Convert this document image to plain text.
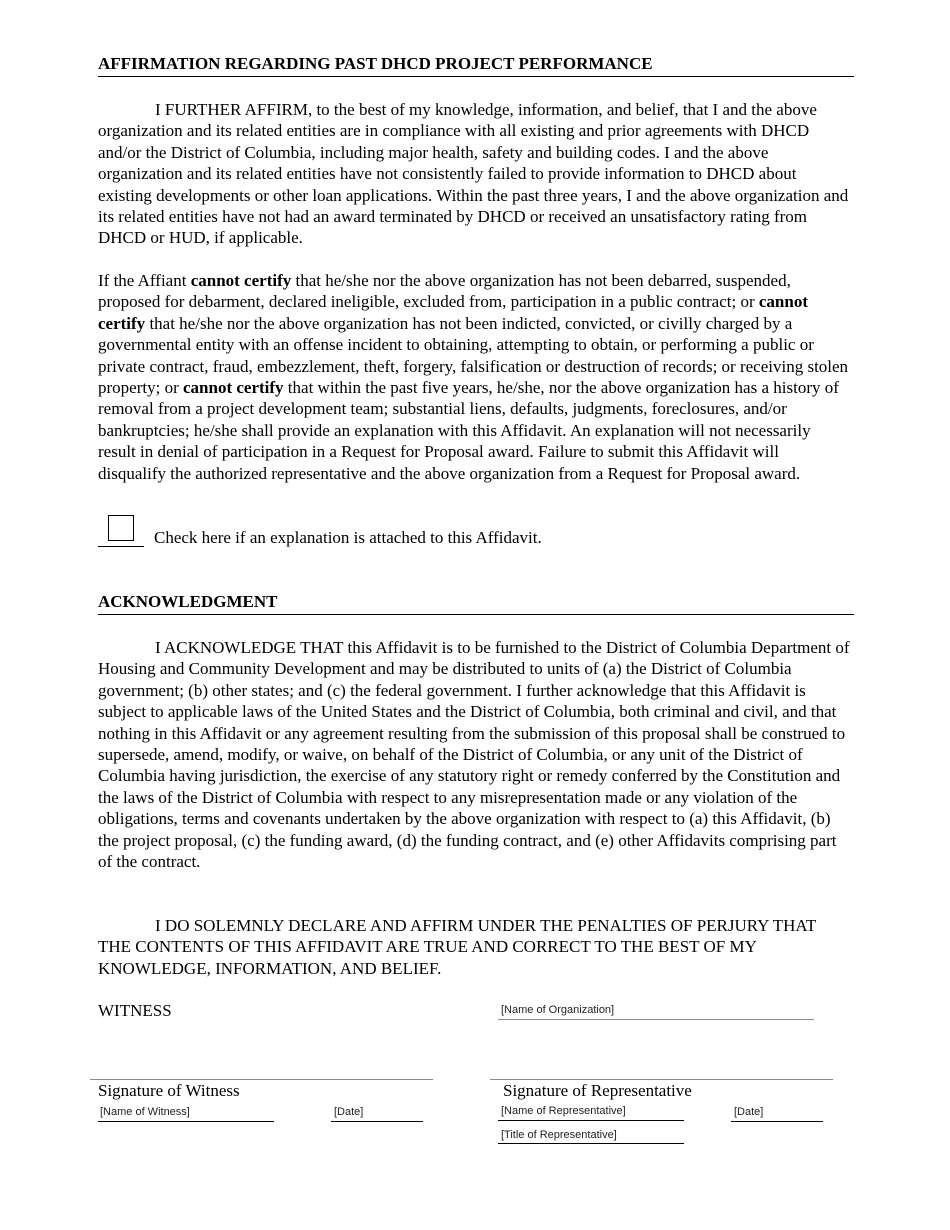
AFFIRMATION REGARDING PAST DHCD PROJECT PERFORMANCE

I FURTHER AFFIRM, to the best of my knowledge, information, and belief, that I and the above organization and its related entities are in compliance with all existing and prior agreements with DHCD and/or the District of Columbia, including major health, safety and building codes. I and the above organization and its related entities have not consistently failed to provide information to DHCD about existing developments or other loan applications. Within the past three years, I and the above organization and its related entities have not had an award terminated by DHCD or received an unsatisfactory rating from DHCD or HUD, if applicable.

If the Affiant cannot certify that he/she nor the above organization has not been debarred, suspended, proposed for debarment, declared ineligible, excluded from, participation in a public contract; or cannot certify that he/she nor the above organization has not been indicted, convicted, or civilly charged by a governmental entity with an offense incident to obtaining, attempting to obtain, or performing a public or private contract, fraud, embezzlement, theft, forgery, falsification or destruction of records; or receiving stolen property; or cannot certify that within the past five years, he/she, nor the above organization has a history of removal from a project development team; substantial liens, defaults, judgments, foreclosures, and/or bankruptcies; he/she shall provide an explanation with this Affidavit. An explanation will not necessarily result in denial of participation in a Request for Proposal award. Failure to submit this Affidavit will disqualify the authorized representative and the above organization from a Request for Proposal award.

Check here if an explanation is attached to this Affidavit.
ACKNOWLEDGMENT

I ACKNOWLEDGE THAT this Affidavit is to be furnished to the District of Columbia Department of Housing and Community Development and may be distributed to units of (a) the District of Columbia government; (b) other states; and (c) the federal government. I further acknowledge that this Affidavit is subject to applicable laws of the United States and the District of Columbia, both criminal and civil, and that nothing in this Affidavit or any agreement resulting from the submission of this proposal shall be construed to supersede, amend, modify, or waive, on behalf of the District of Columbia, or any unit of the District of Columbia having jurisdiction, the exercise of any statutory right or remedy conferred by the Constitution and the laws of the District of Columbia with respect to any misrepresentation made or any violation of the obligations, terms and covenants undertaken by the above organization with respect to (a) this Affidavit, (b) the project proposal, (c) the funding award, (d) the funding contract, and (e) other Affidavits comprising part of the contract.

I DO SOLEMNLY DECLARE AND AFFIRM UNDER THE PENALTIES OF PERJURY THAT THE CONTENTS OF THIS AFFIDAVIT ARE TRUE AND CORRECT TO THE BEST OF MY KNOWLEDGE, INFORMATION, AND BELIEF.

WITNESS	[Name of Organization]
Signature of Witness	Signature of Representative
[Name of Witness]	[Date]	[Name of Representative]	[Date]
[Title of Representative]
